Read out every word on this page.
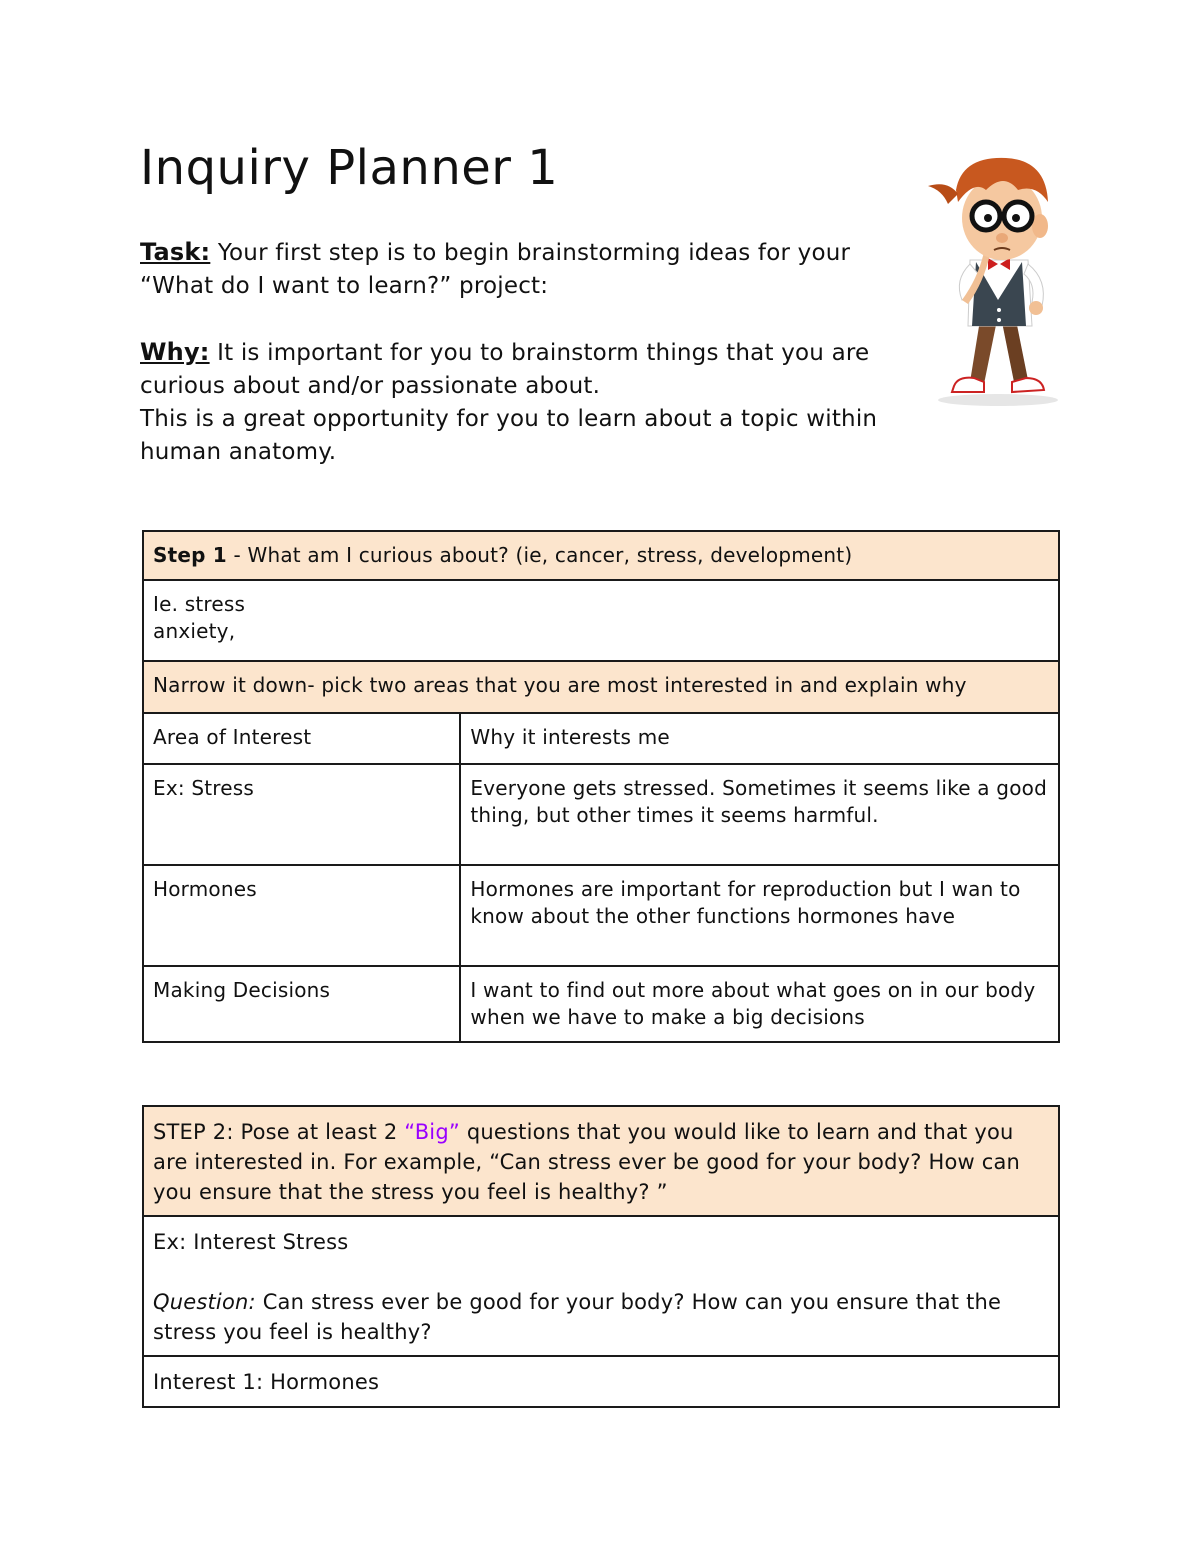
Inquiry Planner 1

Task: Your first step is to begin brainstorming ideas for your “What do I want to learn?” project:

Why: It is important for you to brainstorm things that you are curious about and/or passionate about.

This is a great opportunity for you to learn about a topic within human anatomy.

Step 1 - What am I curious about? (ie, cancer, stress, development)	

Ie. stress
anxiety,	

Narrow it down- pick two areas that you are most interested in and explain why	
Area of Interest	Why it interests me
Ex: Stress	Everyone gets stressed. Sometimes it seems like a good thing, but other times it seems harmful.
Hormones	Hormones are important for reproduction but I wan to know about the other functions hormones have
Making Decisions	I want to find out more about what goes on in our body when we have to make a big decisions
STEP 2: Pose at least 2 “Big” questions that you would like to learn and that you are interested in. For example, “Can stress ever be good for your body? How can you ensure that the stress you feel is healthy? ”

Ex: Interest Stress
Question: Can stress ever be good for your body? How can you ensure that the stress you feel is healthy?

Interest 1: Hormones
